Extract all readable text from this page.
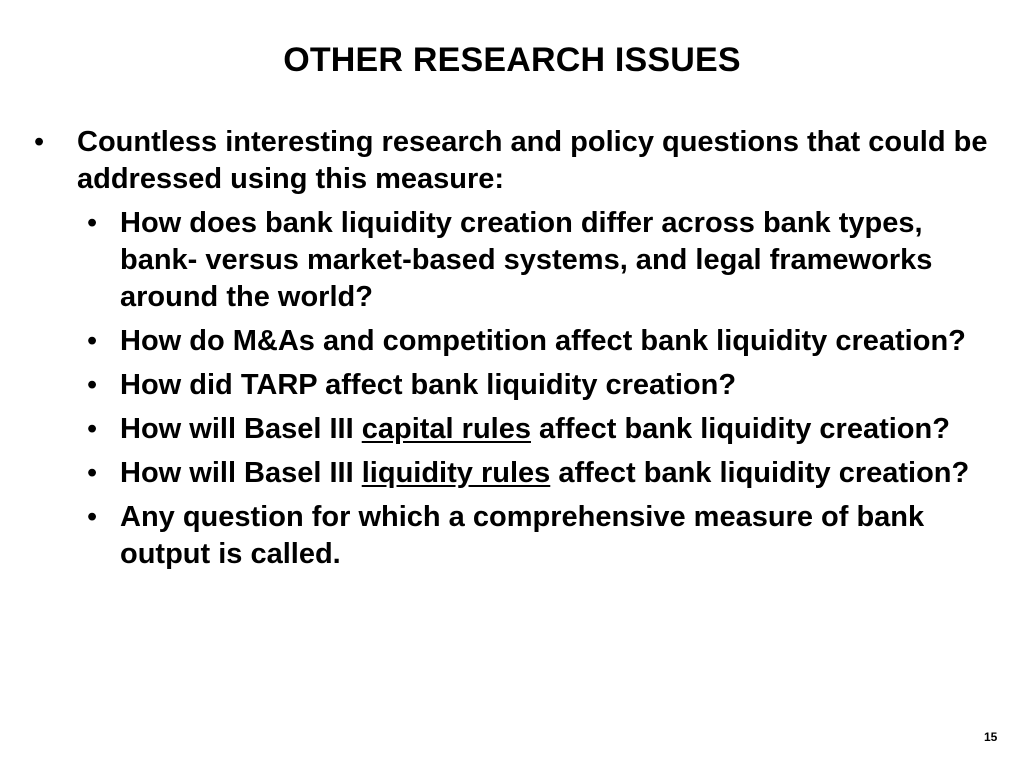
OTHER RESEARCH ISSUES
• Countless interesting research and policy questions that could be addressed using this measure:
• How does bank liquidity creation differ across bank types, bank- versus market-based systems, and legal frameworks around the world?
• How do M&As and competition affect bank liquidity creation?
• How did TARP affect bank liquidity creation?
• How will Basel III capital rules affect bank liquidity creation?
• How will Basel III liquidity rules affect bank liquidity creation?
• Any question for which a comprehensive measure of bank output is called.
15
